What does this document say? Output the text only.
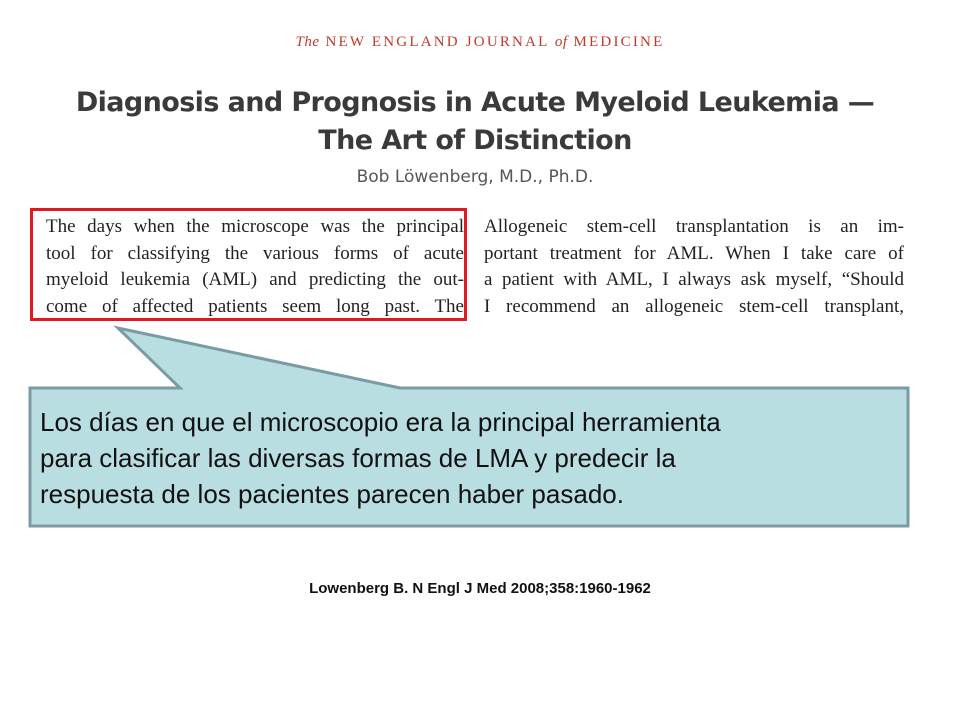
The NEW ENGLAND JOURNAL of MEDICINE
Diagnosis and Prognosis in Acute Myeloid Leukemia —
The Art of Distinction
Bob Löwenberg, M.D., Ph.D.
The days when the microscope was the principal
tool for classifying the various forms of acute
myeloid leukemia (AML) and predicting the out-
come of affected patients seem long past. The
Allogeneic stem-cell transplantation is an im-
portant treatment for AML. When I take care of
a patient with AML, I always ask myself, “Should
I recommend an allogeneic stem-cell transplant,
Los días en que el microscopio era la principal herramienta
para clasificar las diversas formas de LMA y predecir la
respuesta de los pacientes parecen haber pasado.
Lowenberg B. N Engl J Med 2008;358:1960-1962
